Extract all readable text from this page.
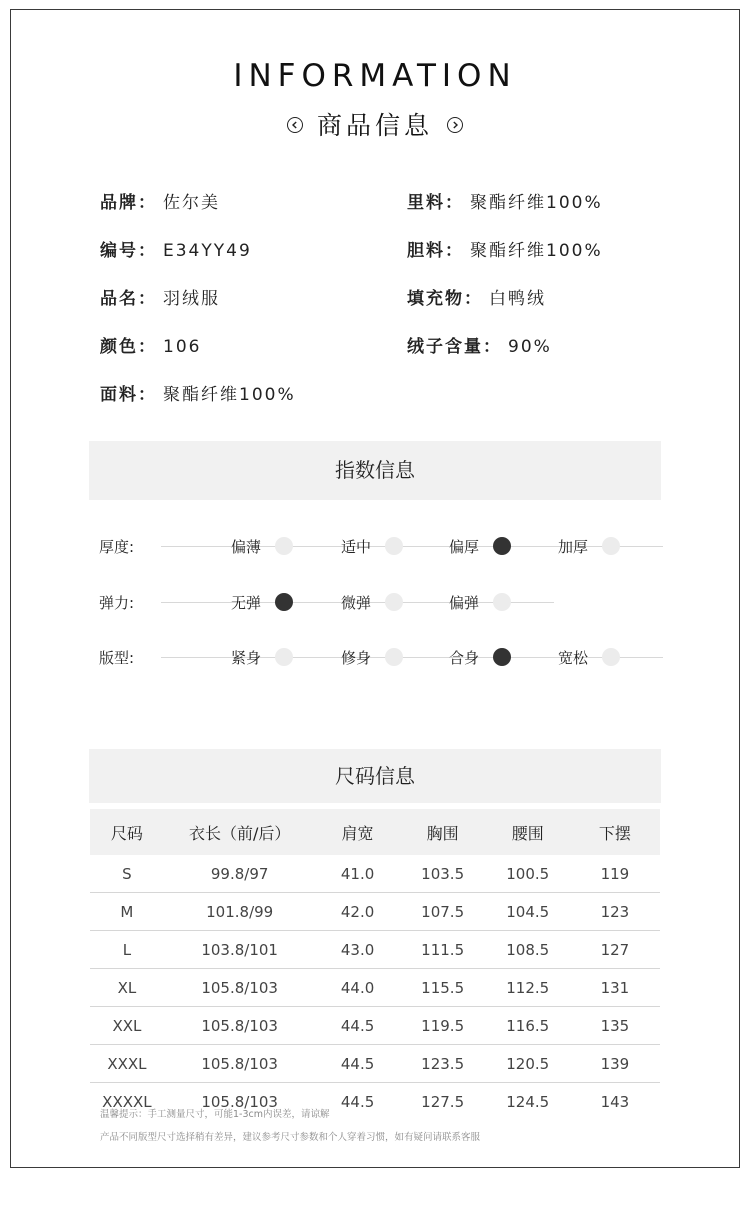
INFORMATION
商品信息
品牌： 佐尔美
编号： E34YY49
品名： 羽绒服
颜色： 106
面料： 聚酯纤维100%
里料： 聚酯纤维100%
胆料： 聚酯纤维100%
填充物： 白鸭绒
绒子含量： 90%
指数信息
厚度:	偏薄	适中	偏厚	加厚
弹力:	无弹	微弹	偏弹
版型:	紧身	修身	合身	宽松
尺码信息
尺码	衣长（前/后）	肩宽	胸围	腰围	下摆
S	99.8/97	41.0	103.5	100.5	119
M	101.8/99	42.0	107.5	104.5	123
L	103.8/101	43.0	111.5	108.5	127
XL	105.8/103	44.0	115.5	112.5	131
XXL	105.8/103	44.5	119.5	116.5	135
XXXL	105.8/103	44.5	123.5	120.5	139
XXXXL	105.8/103	44.5	127.5	124.5	143
温馨提示：手工测量尺寸，可能1-3cm内误差，请谅解
产品不同版型尺寸选择稍有差异，建议参考尺寸参数和个人穿着习惯，如有疑问请联系客服
